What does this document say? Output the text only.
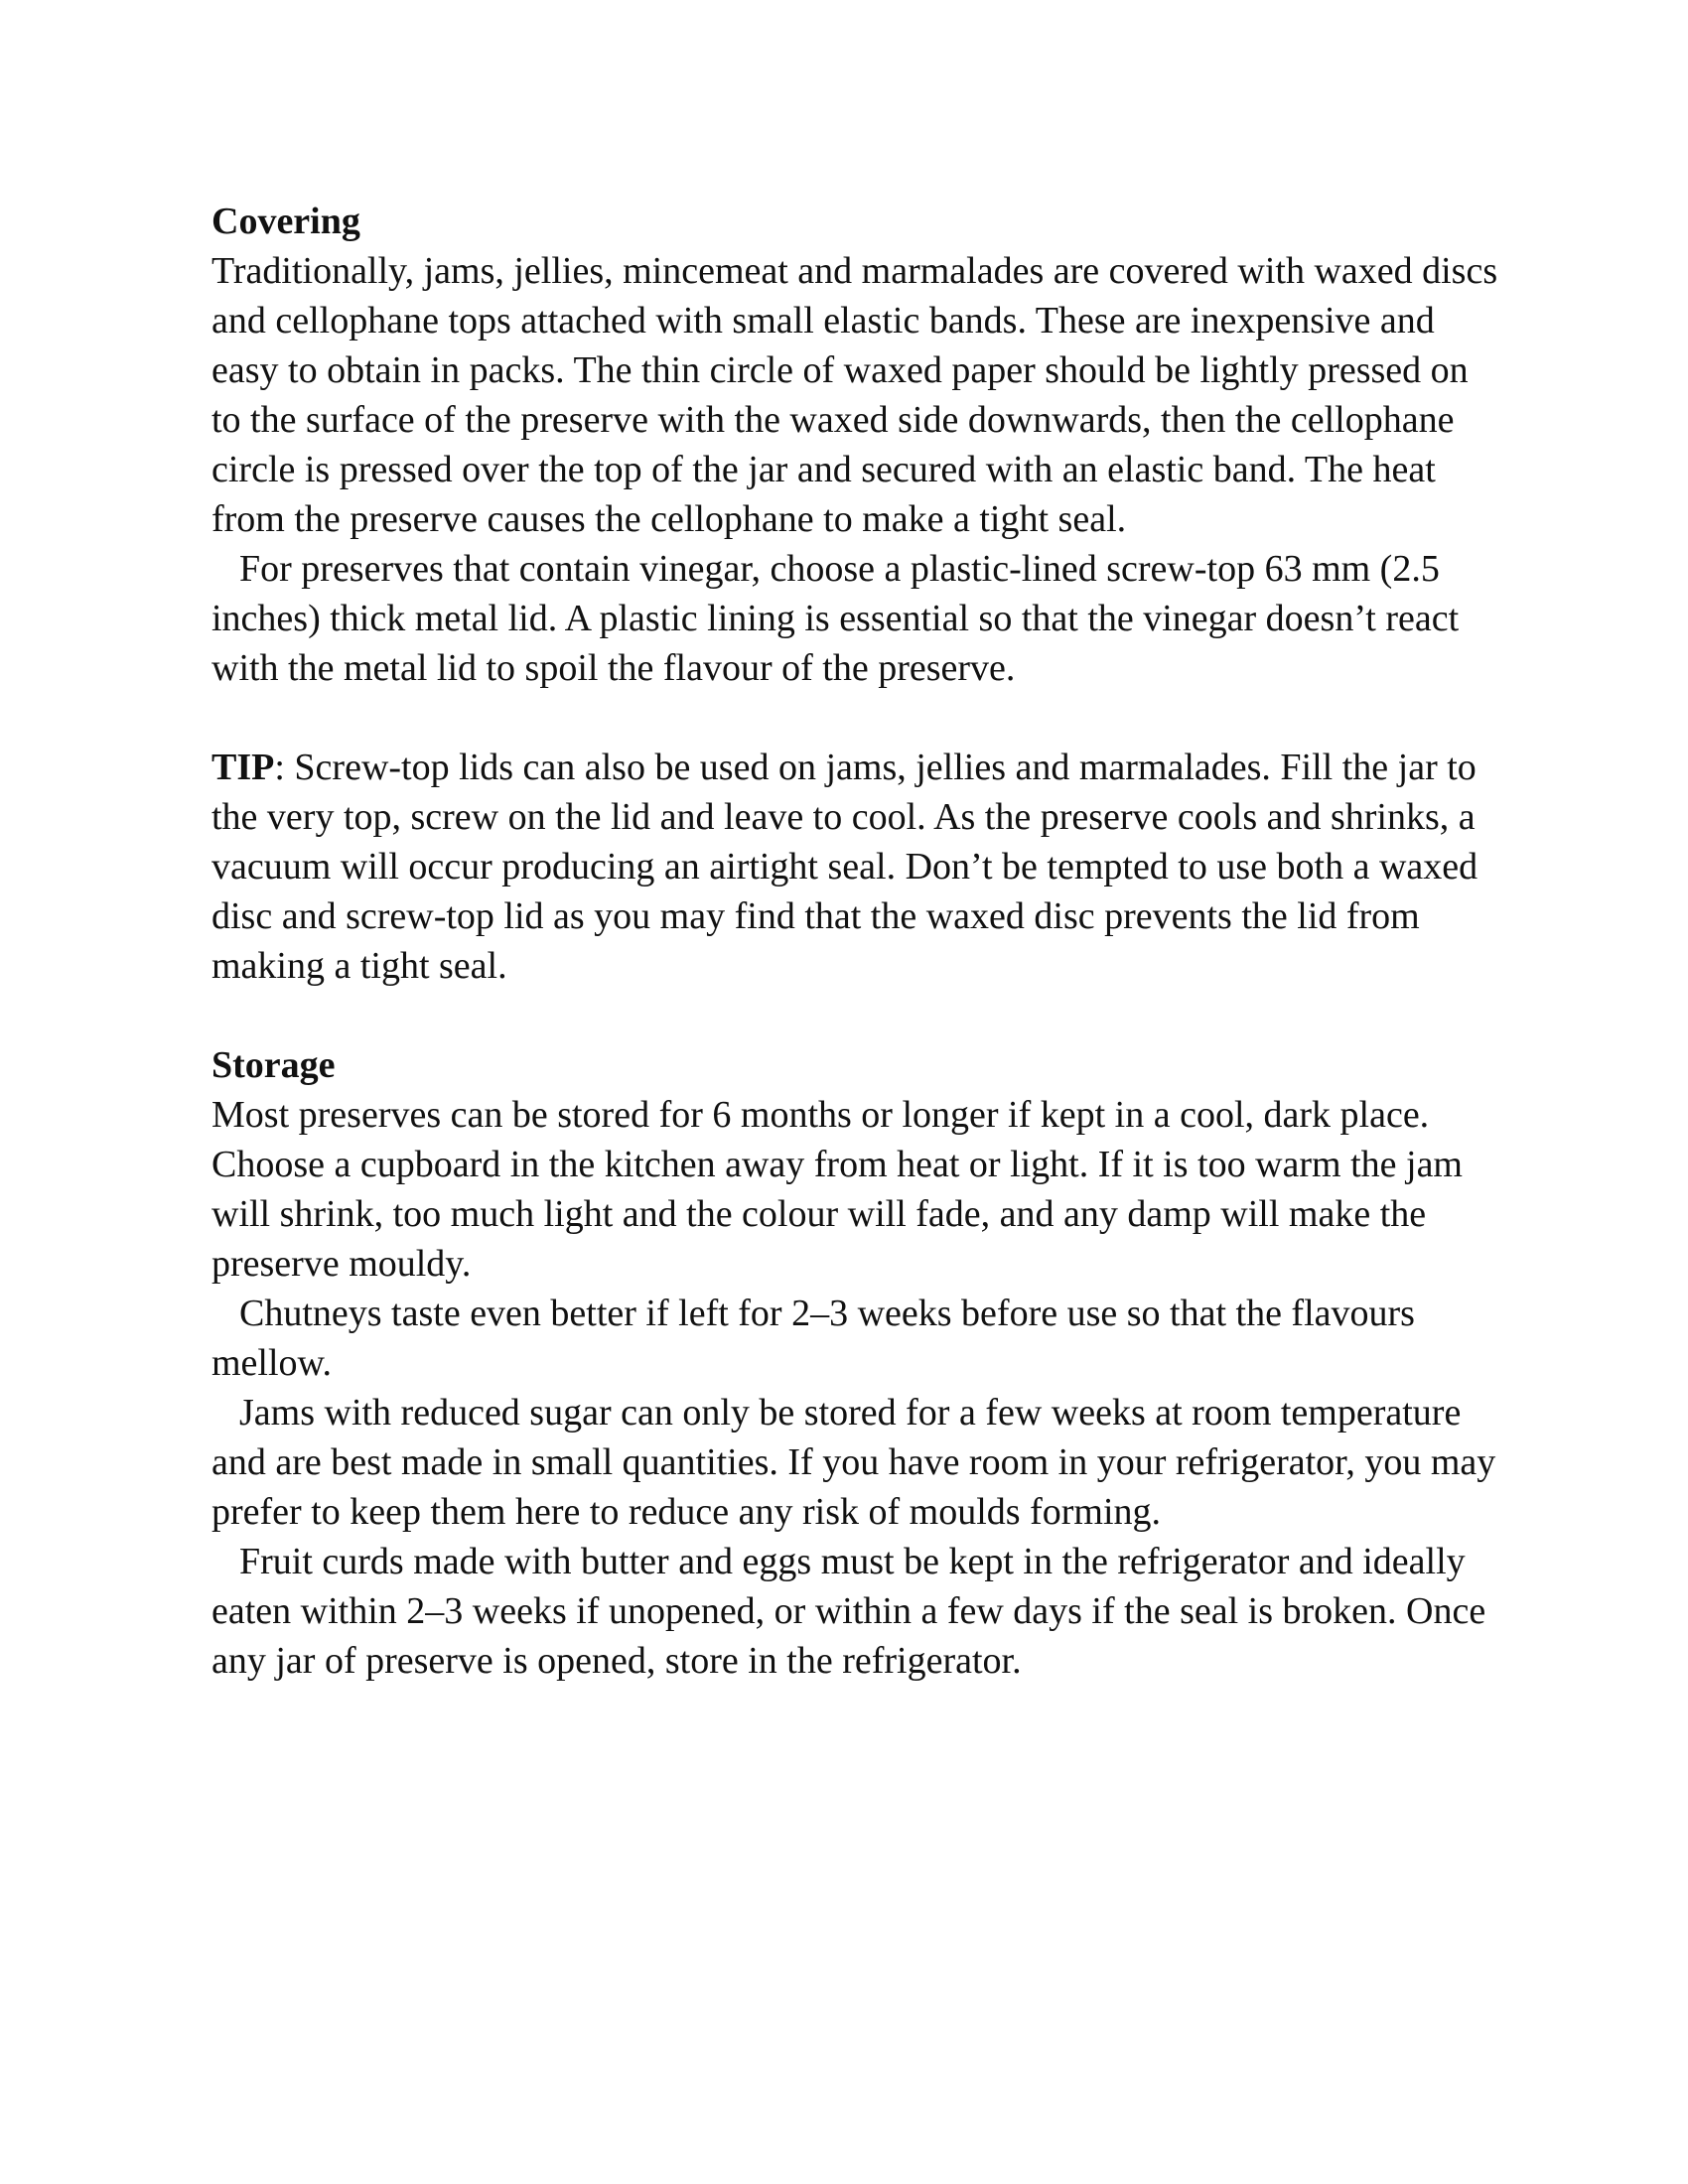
Covering

Traditionally, jams, jellies, mincemeat and marmalades are covered with waxed discs and cellophane tops attached with small elastic bands. These are inexpensive and easy to obtain in packs. The thin circle of waxed paper should be lightly pressed on to the surface of the preserve with the waxed side downwards, then the cellophane circle is pressed over the top of the jar and secured with an elastic band. The heat from the preserve causes the cellophane to make a tight seal.

For preserves that contain vinegar, choose a plastic-lined screw-top 63 mm (2.5 inches) thick metal lid. A plastic lining is essential so that the vinegar doesn’t react with the metal lid to spoil the flavour of the preserve.

TIP: Screw-top lids can also be used on jams, jellies and marmalades. Fill the jar to the very top, screw on the lid and leave to cool. As the preserve cools and shrinks, a vacuum will occur producing an airtight seal. Don’t be tempted to use both a waxed disc and screw-top lid as you may find that the waxed disc prevents the lid from making a tight seal.

Storage

Most preserves can be stored for 6 months or longer if kept in a cool, dark place. Choose a cupboard in the kitchen away from heat or light. If it is too warm the jam will shrink, too much light and the colour will fade, and any damp will make the preserve mouldy.

Chutneys taste even better if left for 2–3 weeks before use so that the flavours mellow.

Jams with reduced sugar can only be stored for a few weeks at room temperature and are best made in small quantities. If you have room in your refrigerator, you may prefer to keep them here to reduce any risk of moulds forming.

Fruit curds made with butter and eggs must be kept in the refrigerator and ideally eaten within 2–3 weeks if unopened, or within a few days if the seal is broken. Once any jar of preserve is opened, store in the refrigerator.
